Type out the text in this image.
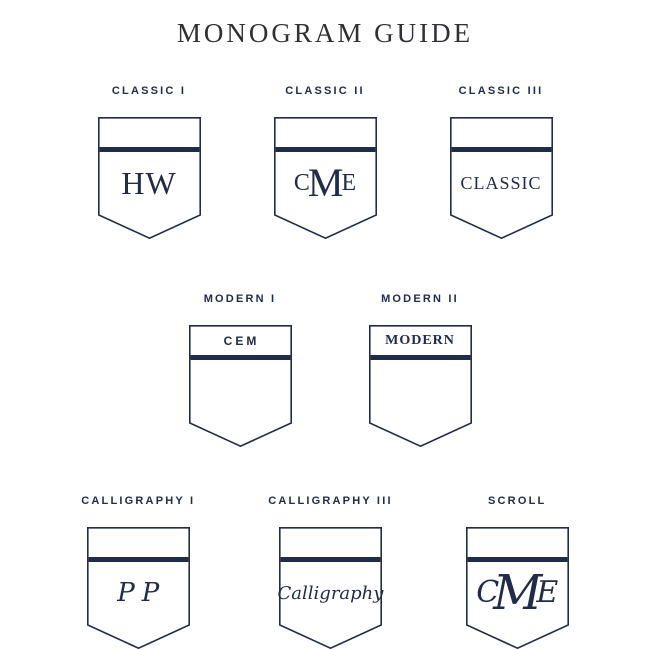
MONOGRAM GUIDE
CLASSIC I
HW
CLASSIC II
C
M
E
CLASSIC III
CLASSIC
MODERN I
CEM
MODERN II
MODERN
CALLIGRAPHY I
PP
CALLIGRAPHY III
Calligraphy
SCROLL
C
M
E
